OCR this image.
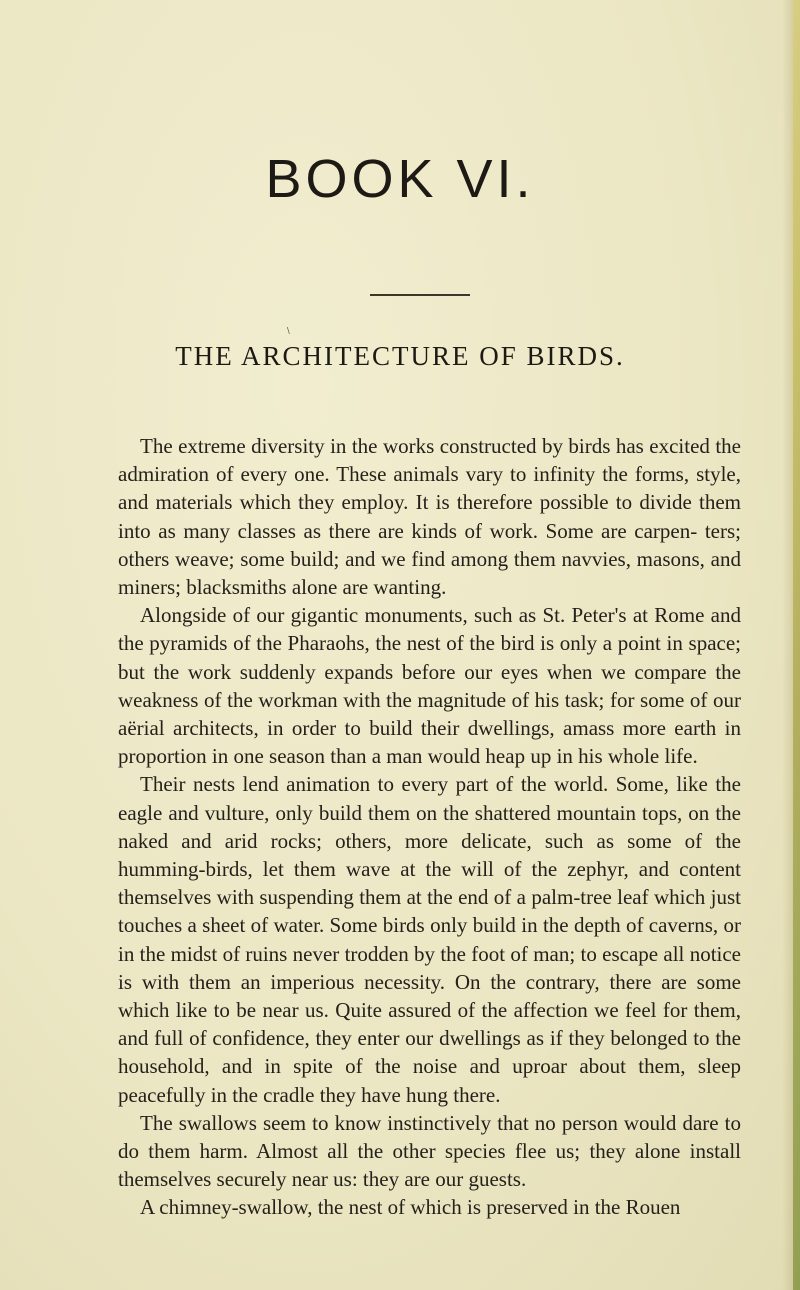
BOOK VI.
\
THE ARCHITECTURE OF BIRDS.

The extreme diversity in the works constructed by birds has excited the admiration of every one. These animals vary to infinity the forms, style, and materials which they employ. It is therefore possible to divide them into as many classes as there are kinds of work. Some are carpen- ters; others weave; some build; and we find among them navvies, masons, and miners; blacksmiths alone are wanting.

Alongside of our gigantic monuments, such as St. Peter's at Rome and the pyramids of the Pharaohs, the nest of the bird is only a point in space; but the work suddenly expands before our eyes when we compare the weakness of the workman with the magnitude of his task; for some of our aërial architects, in order to build their dwellings, amass more earth in proportion in one season than a man would heap up in his whole life.

Their nests lend animation to every part of the world. Some, like the eagle and vulture, only build them on the shattered mountain tops, on the naked and arid rocks; others, more delicate, such as some of the humming-birds, let them wave at the will of the zephyr, and content themselves with suspending them at the end of a palm-tree leaf which just touches a sheet of water. Some birds only build in the depth of caverns, or in the midst of ruins never trodden by the foot of man; to escape all notice is with them an imperious necessity. On the contrary, there are some which like to be near us. Quite assured of the affection we feel for them, and full of confidence, they enter our dwellings as if they belonged to the household, and in spite of the noise and uproar about them, sleep peacefully in the cradle they have hung there.

The swallows seem to know instinctively that no person would dare to do them harm. Almost all the other species flee us; they alone install themselves securely near us: they are our guests.

A chimney-swallow, the nest of which is preserved in the Rouen
